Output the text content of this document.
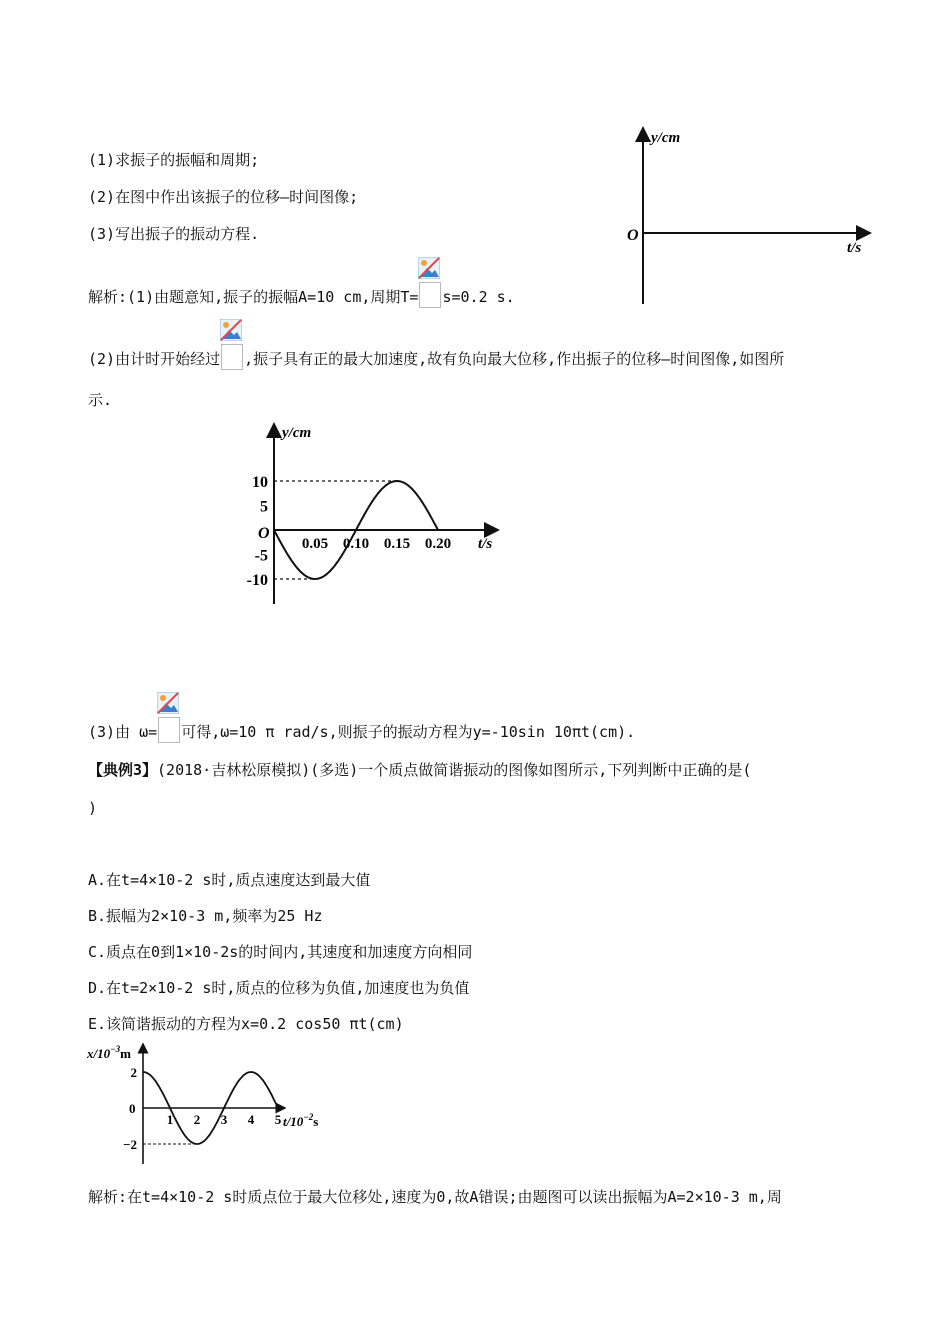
(1)求振子的振幅和周期;
(2)在图中作出该振子的位移—时间图像;
(3)写出振子的振动方程.
y/cm
t/s
O
解析:(1)由题意知,振子的振幅A=10 cm,周期T= s=0.2 s.
(2)由计时开始经过 ,振子具有正的最大加速度,故有负向最大位移,作出振子的位移—时间图像,如图所
示.
y/cm
t/s
O
10
5
-5
-10
0.05 0.10 0.15 0.20
(3)由 ω= 可得,ω=10 π rad/s,则振子的振动方程为y=-10sin 10πt(cm).
【典例3】(2018·吉林松原模拟)(多选)一个质点做简谐振动的图像如图所示,下列判断中正确的是(
)
A.在t=4×10-2 s时,质点速度达到最大值
B.振幅为2×10-3 m,频率为25 Hz
C.质点在0到1×10-2s的时间内,其速度和加速度方向相同
D.在t=2×10-2 s时,质点的位移为负值,加速度也为负值
E.该简谐振动的方程为x=0.2 cos50 πt(cm)
$x/10^{-3}m$
$t/10^{-2}s$
0
2
−2
1 2 3 4 5
解析:在t=4×10-2 s时质点位于最大位移处,速度为0,故A错误;由题图可以读出振幅为A=2×10-3 m,周
